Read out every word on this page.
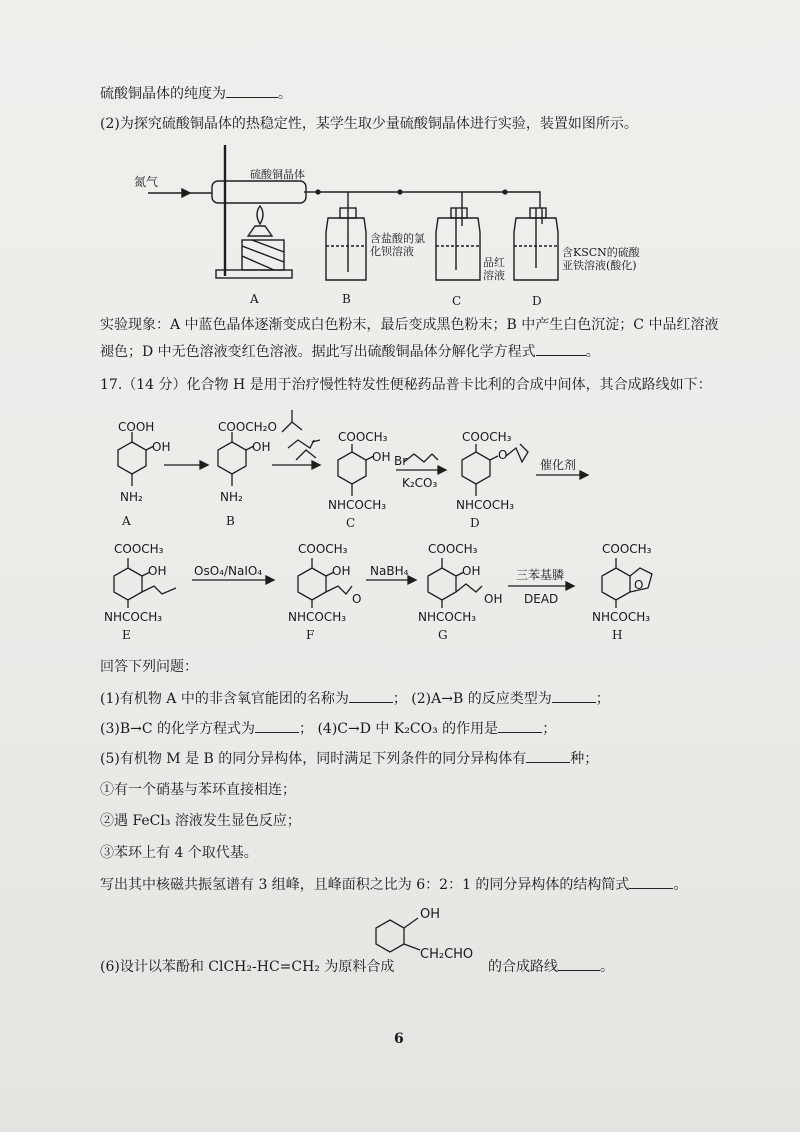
硫酸铜晶体的纯度为	。
(2)为探究硫酸铜晶体的热稳定性，某学生取少量硫酸铜晶体进行实验，装置如图所示。
氮气
硫酸铜晶体
含盐酸的氯化钡溶液
品红溶液
含KSCN的硫酸亚铁溶液(酸化)
A	B	C	D
实验现象：A 中蓝色晶体逐渐变成白色粉末，最后变成黑色粉末；B 中产生白色沉淀；C 中品红溶液
褪色；D 中无色溶液变红色溶液。据此写出硫酸铜晶体分解化学方程式	。
17.（14 分）化合物 H 是用于治疗慢性特发性便秘药品普卡比利的合成中间体，其合成路线如下：
COOH
OH
NH₂
A
COOCH₂O
OH
NH₂
B
COOCH₃
OH
NHCOCH₃
C
Br
K₂CO₃
COOCH₃
O
NHCOCH₃
D
催化剂
COOCH₃
OH
NHCOCH₃
E
OsO₄/NaIO₄
COOCH₃
OH
O
NHCOCH₃
F
NaBH₄
COOCH₃
OH
OH
NHCOCH₃
G
三苯基膦
DEAD
COOCH₃
O
NHCOCH₃
H
回答下列问题：
(1)有机物 A 中的非含氧官能团的名称为	； (2)A→B 的反应类型为	；
(3)B→C 的化学方程式为	； (4)C→D 中 K₂CO₃ 的作用是	；
(5)有机物 M 是 B 的同分异构体，同时满足下列条件的同分异构体有	种；
①有一个硝基与苯环直接相连；
②遇 FeCl₃ 溶液发生显色反应；
③苯环上有 4 个取代基。
写出其中核磁共振氢谱有 3 组峰，且峰面积之比为 6：2：1 的同分异构体的结构简式	。
OH
CH₂CHO
(6)设计以苯酚和 ClCH₂-HC=CH₂ 为原料合成	的合成路线	。
6
